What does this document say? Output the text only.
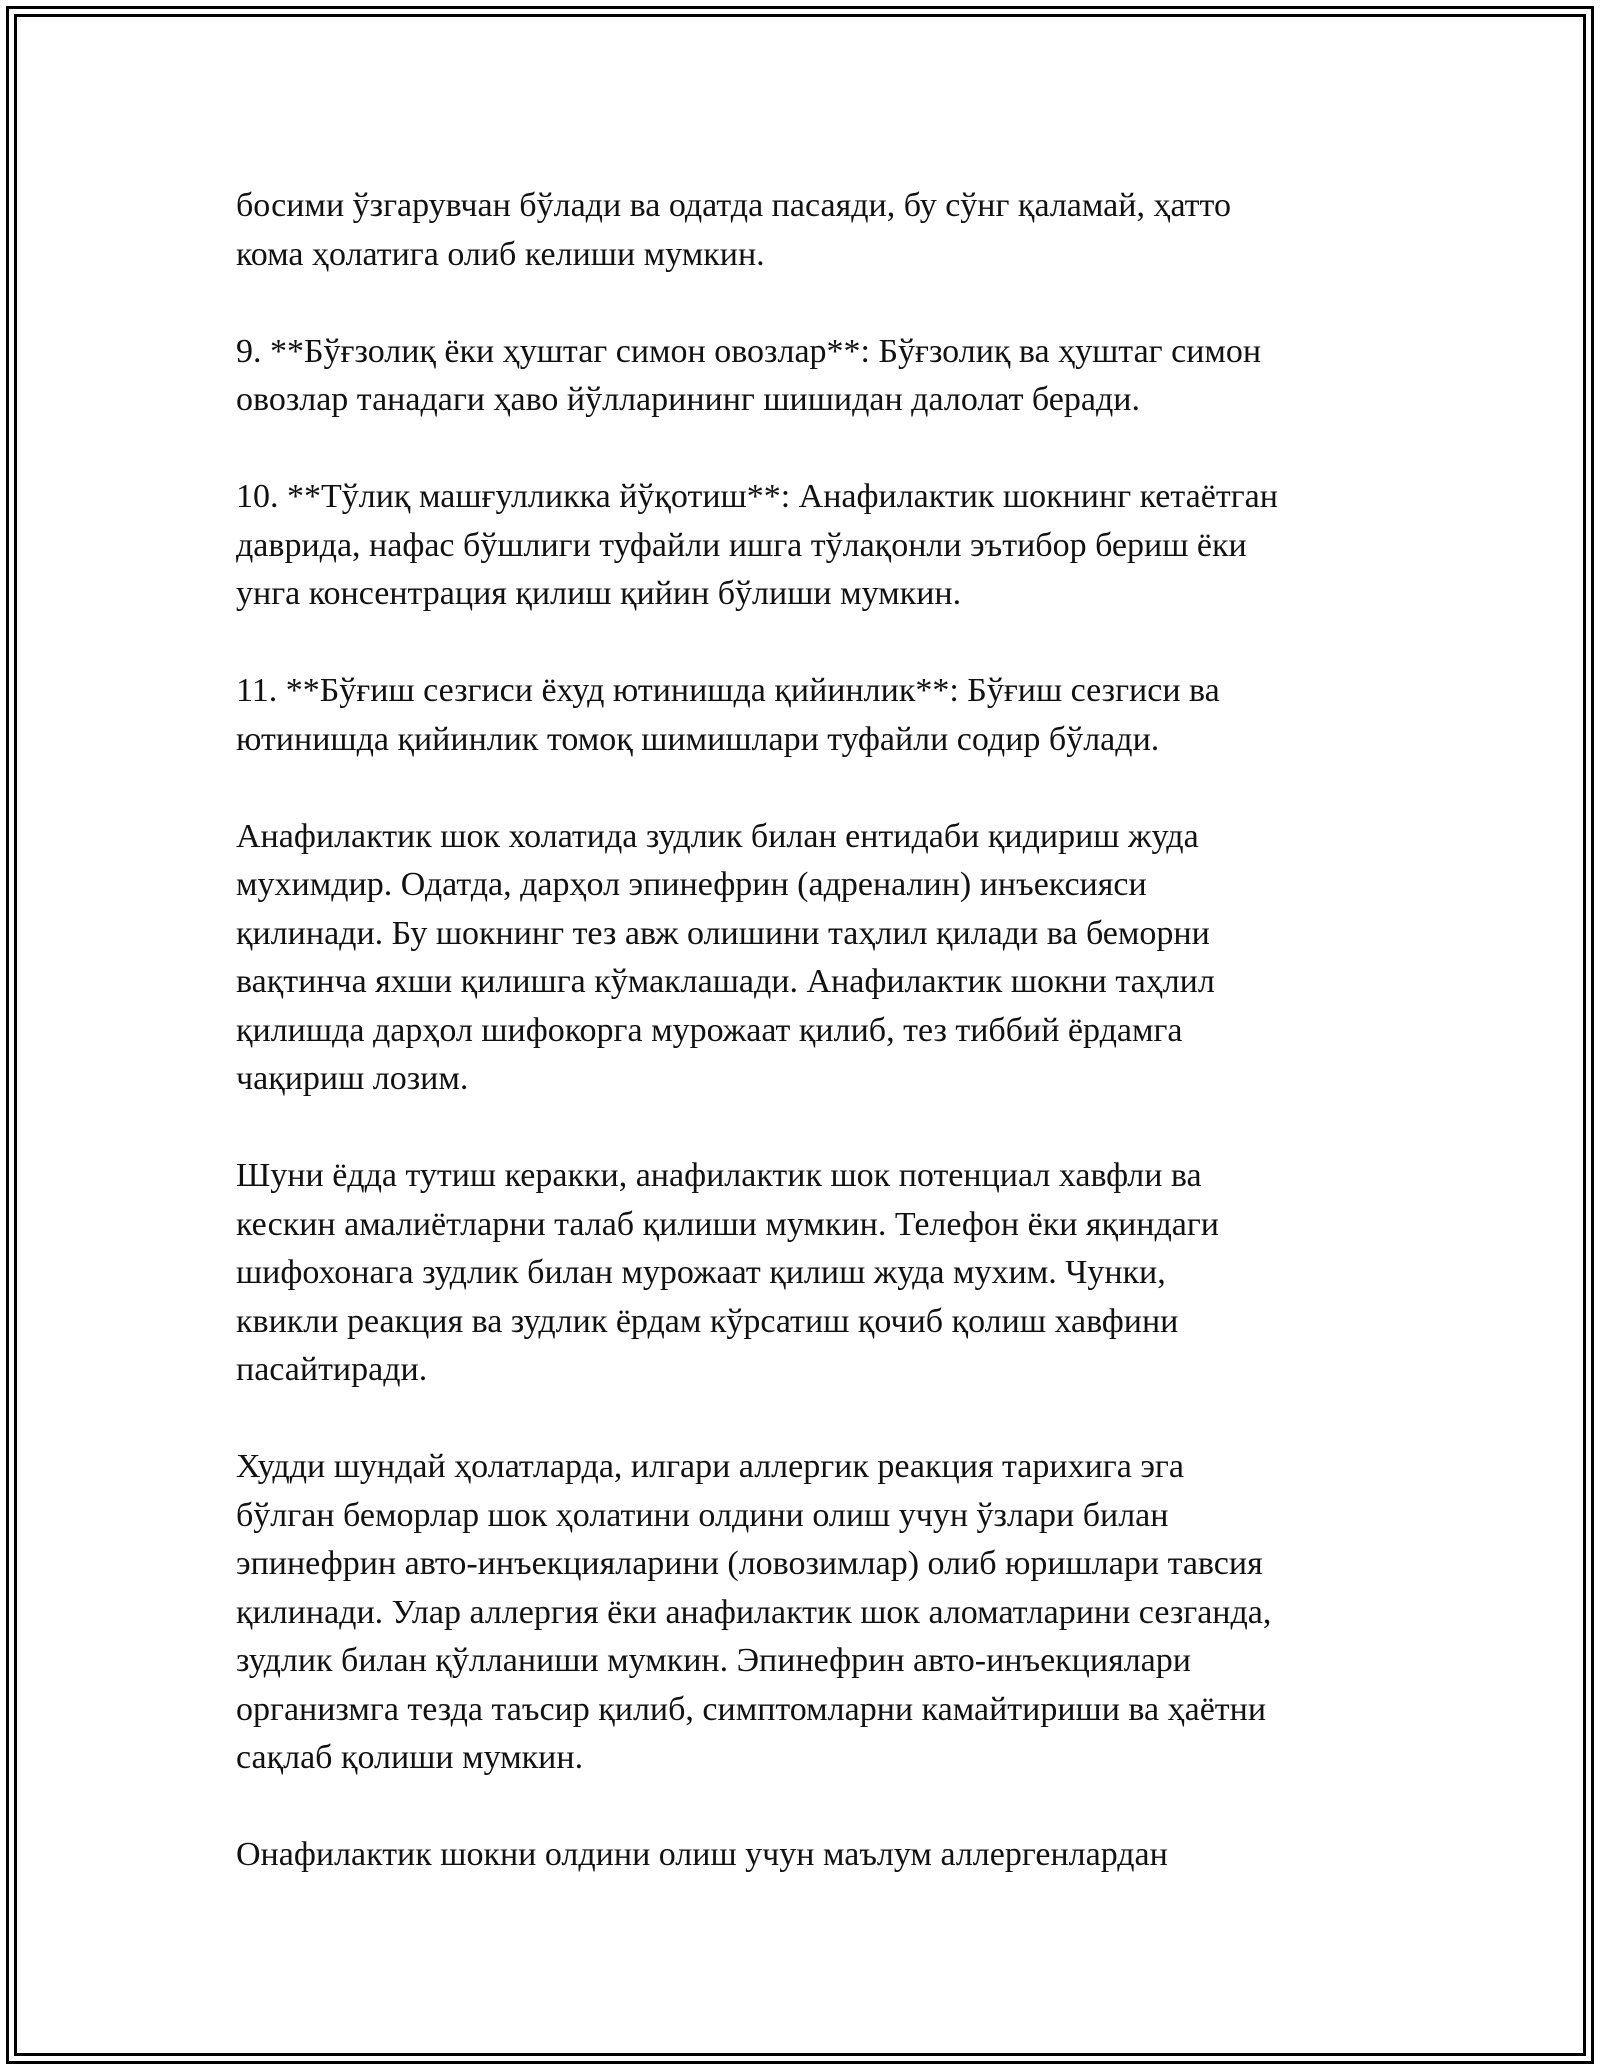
босими ўзгарувчан бўлади ва одатда пасаяди, бу сўнг қаламай, ҳатто
кома ҳолатига олиб келиши мумкин.

9. **Бўғзолиқ ёки ҳуштаг симон овозлар**: Бўғзолиқ ва ҳуштаг симон
овозлар танадаги ҳаво йўлларининг шишидан далолат беради.

10. **Тўлиқ машғулликка йўқотиш**: Анафилактик шокнинг кетаётган
даврида, нафас бўшлиги туфайли ишга тўлақонли эътибор бериш ёки
унга консентрация қилиш қийин бўлиши мумкин.

11. **Бўғиш сезгиси ёхуд ютинишда қийинлик**: Бўғиш сезгиси ва
ютинишда қийинлик томоқ шимишлари туфайли содир бўлади.

Анафилактик шок холатида зудлик билан ентидаби қидириш жуда
мухимдир. Одатда, дарҳол эпинефрин (адреналин) инъексияси
қилинади. Бу шокнинг тез авж олишини таҳлил қилади ва беморни
вақтинча яхши қилишга кўмаклашади. Анафилактик шокни таҳлил
қилишда дарҳол шифокорга мурожаат қилиб, тез тиббий ёрдамга
чақириш лозим.

Шуни ёдда тутиш керакки, анафилактик шок потенциал хавфли ва
кескин амалиётларни талаб қилиши мумкин. Телефон ёки яқиндаги
шифохонага зудлик билан мурожаат қилиш жуда мухим. Чунки,
квикли реакция ва зудлик ёрдам кўрсатиш қочиб қолиш хавфини
пасайтиради.

Худди шундай ҳолатларда, илгари аллергик реакция тарихига эга
бўлган беморлар шок ҳолатини олдини олиш учун ўзлари билан
эпинефрин авто-инъекцияларини (ловозимлар) олиб юришлари тавсия
қилинади. Улар аллергия ёки анафилактик шок аломатларини сезганда,
зудлик билан қўлланиши мумкин. Эпинефрин авто-инъекциялари
организмга тезда таъсир қилиб, симптомларни камайтириши ва ҳаётни
сақлаб қолиши мумкин.

Онафилактик шокни олдини олиш учун маълум аллергенлардан
